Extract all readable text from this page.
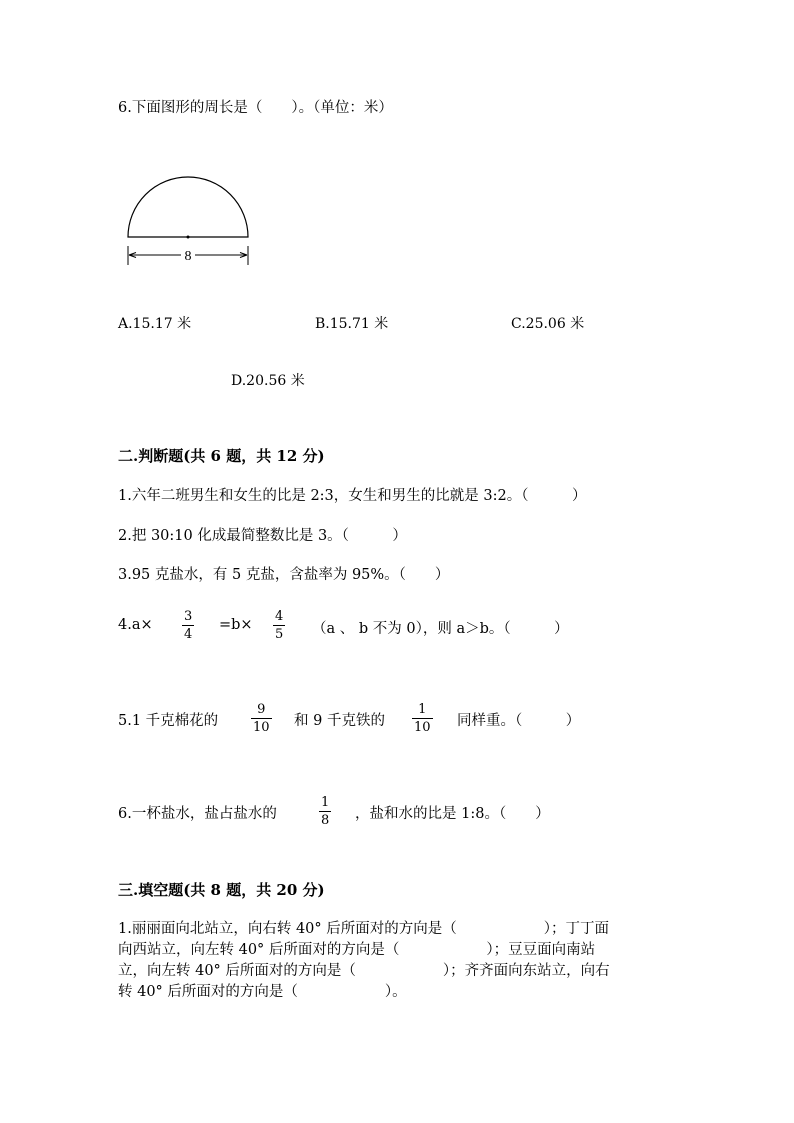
6.下面图形的周长是（　　）。（单位：米）
8
A.15.17 米	B.15.71 米	C.25.06 米
D.20.56 米
二.判断题(共 6 题，共 12 分)
1.六年二班男生和女生的比是 2:3，女生和男生的比就是 3:2。（　　　）
2.把 30:10 化成最简整数比是 3。（　　　）
3.95 克盐水，有 5 克盐，含盐率为 95%。（　　）
4.a×
3
4
=b×
4
5 （a 、 b 不为 0），则 a＞b。（　　　）
5.1 千克棉花的
9
10 和 9 千克铁的
1
10 同样重。（　　　）
6.一杯盐水，盐占盐水的
1
8 ，盐和水的比是 1:8。（　　）
三.填空题(共 8 题，共 20 分)
1.丽丽面向北站立，向右转 40° 后所面对的方向是（　　　　　　）；丁丁面
向西站立，向左转 40° 后所面对的方向是（　　　　　　）；豆豆面向南站
立，向左转 40° 后所面对的方向是（　　　　　　）；齐齐面向东站立，向右
转 40° 后所面对的方向是（　　　　　　）。
